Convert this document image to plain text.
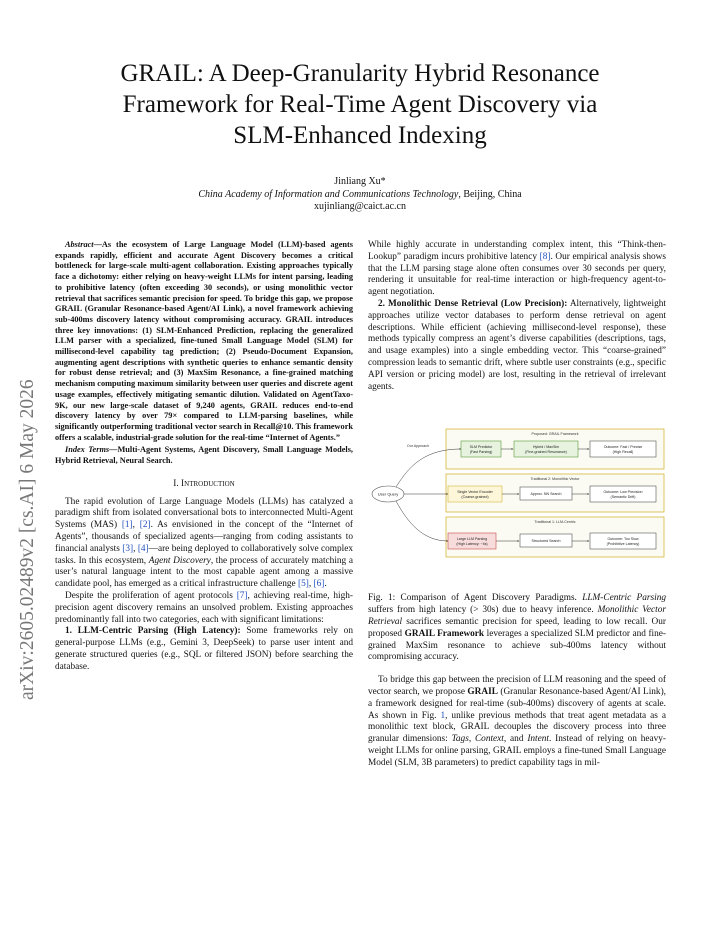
arXiv:2605.02489v2 [cs.AI] 6 May 2026
GRAIL: A Deep-Granularity Hybrid Resonance
Framework for Real-Time Agent Discovery via
SLM-Enhanced Indexing
Jinliang Xu*
China Academy of Information and Communications Technology, Beijing, China
xujinliang@caict.ac.cn

Abstract—As the ecosystem of Large Language Model (LLM)-based agents expands rapidly, efficient and accurate Agent Discovery becomes a critical bottleneck for large-scale multi-agent collaboration. Existing approaches typically face a dichotomy: either relying on heavy-weight LLMs for intent parsing, leading to prohibitive latency (often exceeding 30 seconds), or using monolithic vector retrieval that sacrifices semantic precision for speed. To bridge this gap, we propose GRAIL (Granular Resonance-based Agent/AI Link), a novel framework achieving sub-400ms discovery latency without compromising accuracy. GRAIL introduces three key innovations: (1) SLM-Enhanced Prediction, replacing the generalized LLM parser with a specialized, fine-tuned Small Language Model (SLM) for millisecond-level capability tag prediction; (2) Pseudo-Document Expansion, augmenting agent descriptions with synthetic queries to enhance semantic density for robust dense retrieval; and (3) MaxSim Resonance, a fine-grained matching mechanism computing maximum similarity between user queries and discrete agent usage examples, effectively mitigating semantic dilution. Validated on AgentTaxo-9K, our new large-scale dataset of 9,240 agents, GRAIL reduces end-to-end discovery latency by over 79× compared to LLM-parsing baselines, while significantly outperforming traditional vector search in Recall@10. This framework offers a scalable, industrial-grade solution for the real-time “Internet of Agents.”

Index Terms—Multi-Agent Systems, Agent Discovery, Small Language Models, Hybrid Retrieval, Neural Search.

I. Introduction

The rapid evolution of Large Language Models (LLMs) has catalyzed a paradigm shift from isolated conversational bots to interconnected Multi-Agent Systems (MAS) [1], [2]. As envisioned in the concept of the “Internet of Agents”, thousands of specialized agents—ranging from coding assistants to financial analysts [3], [4]—are being deployed to collaboratively solve complex tasks. In this ecosystem, Agent Discovery, the process of accurately matching a user’s natural language intent to the most capable agent among a massive candidate pool, has emerged as a critical infrastructure challenge [5], [6].

Despite the proliferation of agent protocols [7], achieving real-time, high-precision agent discovery remains an unsolved problem. Existing approaches predominantly fall into two categories, each with significant limitations:

1. LLM-Centric Parsing (High Latency): Some frameworks rely on general-purpose LLMs (e.g., Gemini 3, DeepSeek) to parse user intent and generate structured queries (e.g., SQL or filtered JSON) before searching the database.

While highly accurate in understanding complex intent, this “Think-then-Lookup” paradigm incurs prohibitive latency [8]. Our empirical analysis shows that the LLM parsing stage alone often consumes over 30 seconds per query, rendering it unsuitable for real-time interaction or high-frequency agent-to-agent negotiation.

2. Monolithic Dense Retrieval (Low Precision): Alternatively, lightweight approaches utilize vector databases to perform dense retrieval on agent descriptions. While efficient (achieving millisecond-level response), these methods typically compress an agent’s diverse capabilities (descriptions, tags, and usage examples) into a single embedding vector. This “coarse-grained” compression leads to semantic drift, where subtle user constraints (e.g., specific API version or pricing model) are lost, resulting in the retrieval of irrelevant agents.

Fig. 1: Comparison of Agent Discovery Paradigms. LLM-Centric Parsing suffers from high latency (> 30s) due to heavy inference. Monolithic Vector Retrieval sacrifices semantic precision for speed, leading to low recall. Our proposed GRAIL Framework leverages a specialized SLM predictor and fine-grained MaxSim resonance to achieve sub-400ms latency without compromising accuracy.

To bridge this gap between the precision of LLM reasoning and the speed of vector search, we propose GRAIL (Granular Resonance-based Agent/AI Link), a framework designed for real-time (sub-400ms) discovery of agents at scale. As shown in Fig. 1, unlike previous methods that treat agent metadata as a monolithic text block, GRAIL decouples the discovery process into three granular dimensions: Tags, Context, and Intent. Instead of relying on heavy-weight LLMs for online parsing, GRAIL employs a fine-tuned Small Language Model (SLM, 3B parameters) to predict capability tags in mil-

Proposed: GRAIL Framework
Traditional 2: Monolithic Vector
Traditional 1: LLM-Centric
User Query
Our Approach	SLM Predictor
(Fast Parsing)
Hybrid / MaxSim
(Fine-grained Resonance)
Outcome: Fast / Precise
(High Recall)
Single Vector Encoder
(Coarse-grained)
Approx. NN Search	Outcome: Low Precision
(Semantic Drift)
Large LLM Parsing
(High Latency: ~4s)
Structured Search	Outcome: Too Slow
(Prohibitive Latency)
